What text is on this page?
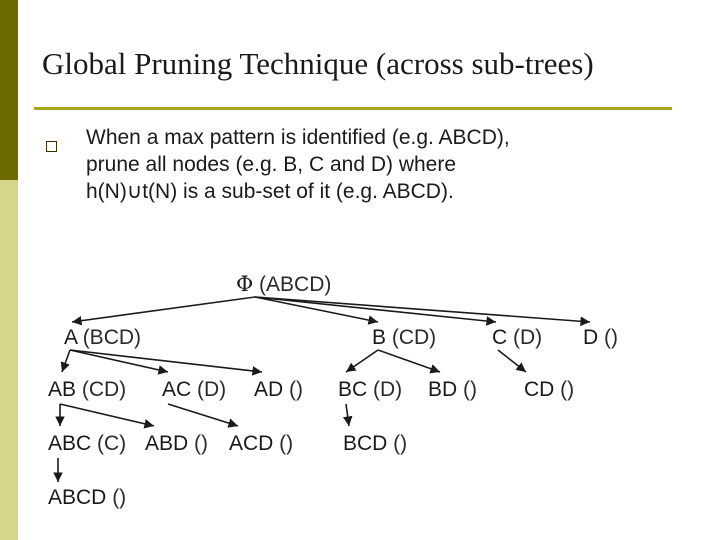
Global Pruning Technique (across sub-trees)
When a max pattern is identified (e.g. ABCD),
prune all nodes (e.g. B, C and D) where
h(N)∪t(N) is a sub-set of it (e.g. ABCD).
Φ (ABCD)
A (BCD)	B (CD)	C (D) D ()
AB (CD) AC (D) AD () BC (D) BD () CD ()
ABC (C) ABD () ACD () BCD ()
ABCD ()
